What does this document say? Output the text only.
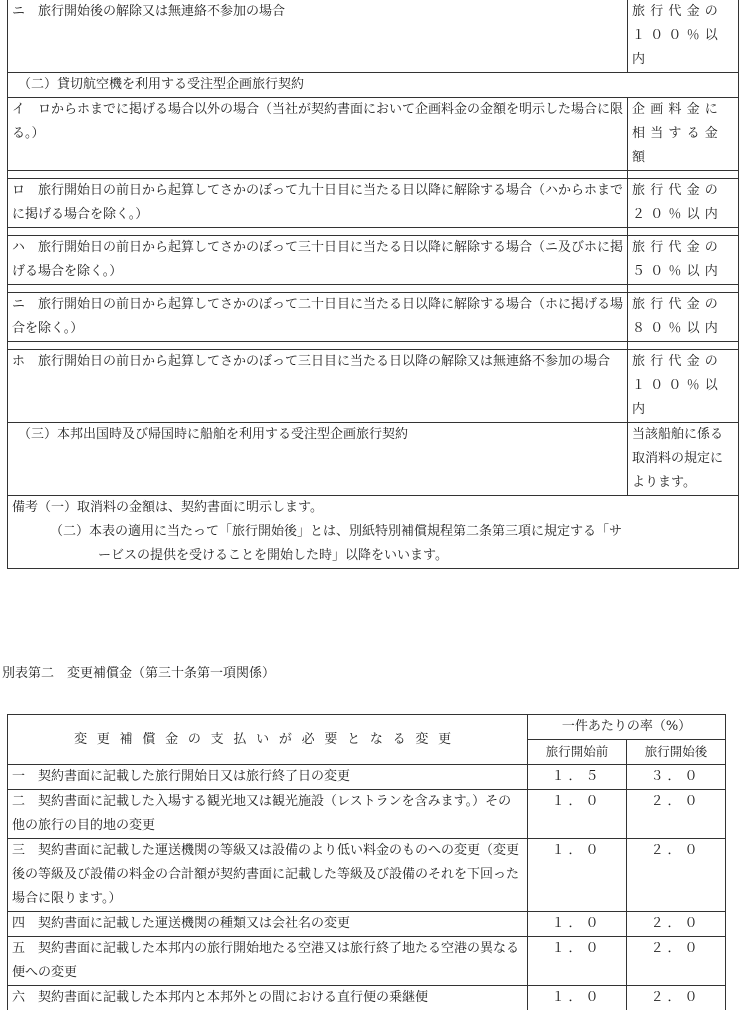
ニ　旅行開始後の解除又は無連絡不参加の場合	旅行代金の
１００％以内
（二）貸切航空機を利用する受注型企画旅行契約	
イ　ロからホまでに掲げる場合以外の場合（当社が契約書面において企画料金の金額を明示した場合に限る。）	企画料金に
相当する金額

ロ　旅行開始日の前日から起算してさかのぼって九十日目に当たる日以降に解除する場合（ハからホまでに掲げる場合を除く。）	旅行代金の
２０％以内

ハ　旅行開始日の前日から起算してさかのぼって三十日目に当たる日以降に解除する場合（ニ及びホに掲げる場合を除く。）	旅行代金の
５０％以内

ニ　旅行開始日の前日から起算してさかのぼって二十日目に当たる日以降に解除する場合（ホに掲げる場合を除く。）	旅行代金の
８０％以内

ホ　旅行開始日の前日から起算してさかのぼって三日目に当たる日以降の解除又は無連絡不参加の場合	旅行代金の
１００％以内
（三）本邦出国時及び帰国時に船舶を利用する受注型企画旅行契約	当該船舶に係る取消料の規定によります。

備考（一）取消料の金額は、契約書面に明示します。
（二）本表の適用に当たって「旅行開始後」とは、別紙特別補償規程第二条第三項に規定する「サ
ービスの提供を受けることを開始した時」以降をいいます。	
別表第二　変更補償金（第三十条第一項関係）
変更補償金の支払いが必要となる変更	一件あたりの率（%）	
	旅行開始前	旅行開始後
一　契約書面に記載した旅行開始日又は旅行終了日の変更	１．５	３．０
二　契約書面に記載した入場する観光地又は観光施設（レストランを含みます。）その他の旅行の目的地の変更	１．０	２．０
三　契約書面に記載した運送機関の等級又は設備のより低い料金のものへの変更（変更後の等級及び設備の料金の合計額が契約書面に記載した等級及び設備のそれを下回った場合に限ります。）	１．０	２．０
四　契約書面に記載した運送機関の種類又は会社名の変更	１．０	２．０
五　契約書面に記載した本邦内の旅行開始地たる空港又は旅行終了地たる空港の異なる便への変更	１．０	２．０
六　契約書面に記載した本邦内と本邦外との間における直行便の乗継便	１．０	２．０
